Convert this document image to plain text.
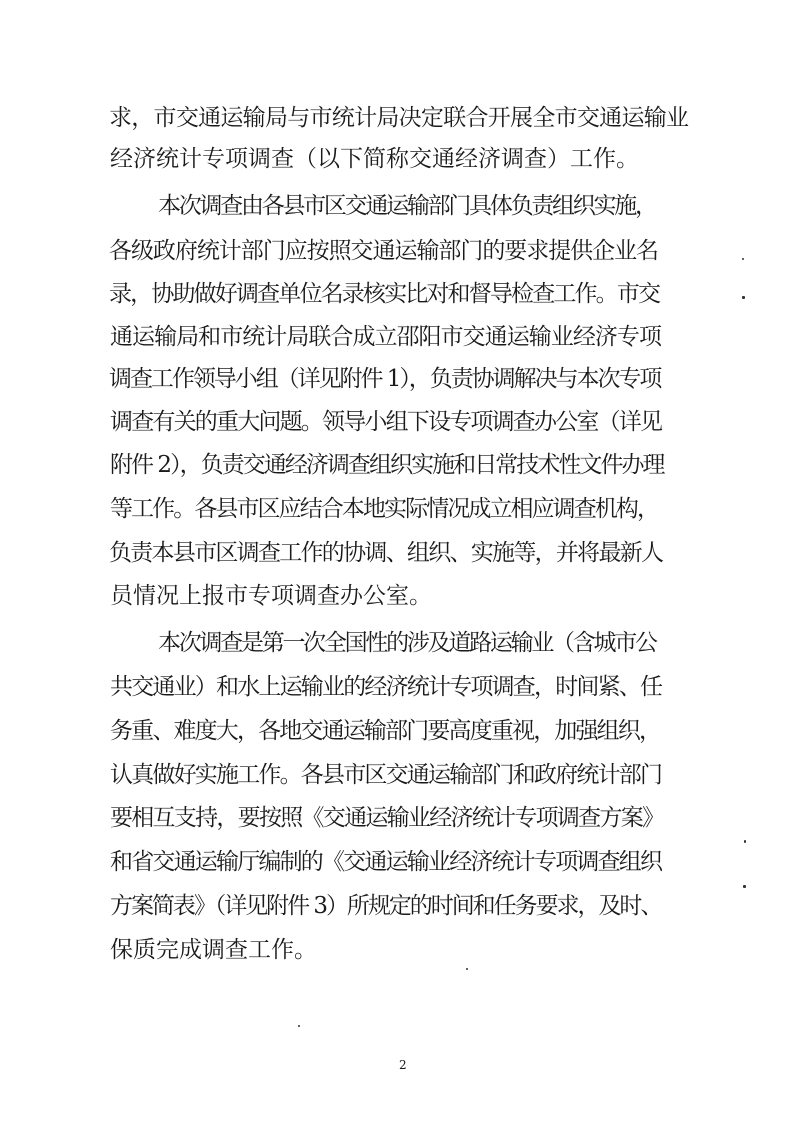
求，市交通运输局与市统计局决定联合开展全市交通运输业
经济统计专项调查（以下简称交通经济调查）工作。
本次调查由各县市区交通运输部门具体负责组织实施，
各级政府统计部门应按照交通运输部门的要求提供企业名
录，协助做好调查单位名录核实比对和督导检查工作。市交
通运输局和市统计局联合成立邵阳市交通运输业经济专项
调查工作领导小组（详见附件 1），负责协调解决与本次专项
调查有关的重大问题。领导小组下设专项调查办公室（详见
附件 2），负责交通经济调查组织实施和日常技术性文件办理
等工作。各县市区应结合本地实际情况成立相应调查机构，
负责本县市区调查工作的协调、组织、实施等，并将最新人
员情况上报市专项调查办公室。
本次调查是第一次全国性的涉及道路运输业（含城市公
共交通业）和水上运输业的经济统计专项调查，时间紧、任
务重、难度大，各地交通运输部门要高度重视，加强组织，
认真做好实施工作。各县市区交通运输部门和政府统计部门
要相互支持，要按照《交通运输业经济统计专项调查方案》
和省交通运输厅编制的《交通运输业经济统计专项调查组织
方案简表》（详见附件 3）所规定的时间和任务要求，及时、
保质完成调查工作。
2
